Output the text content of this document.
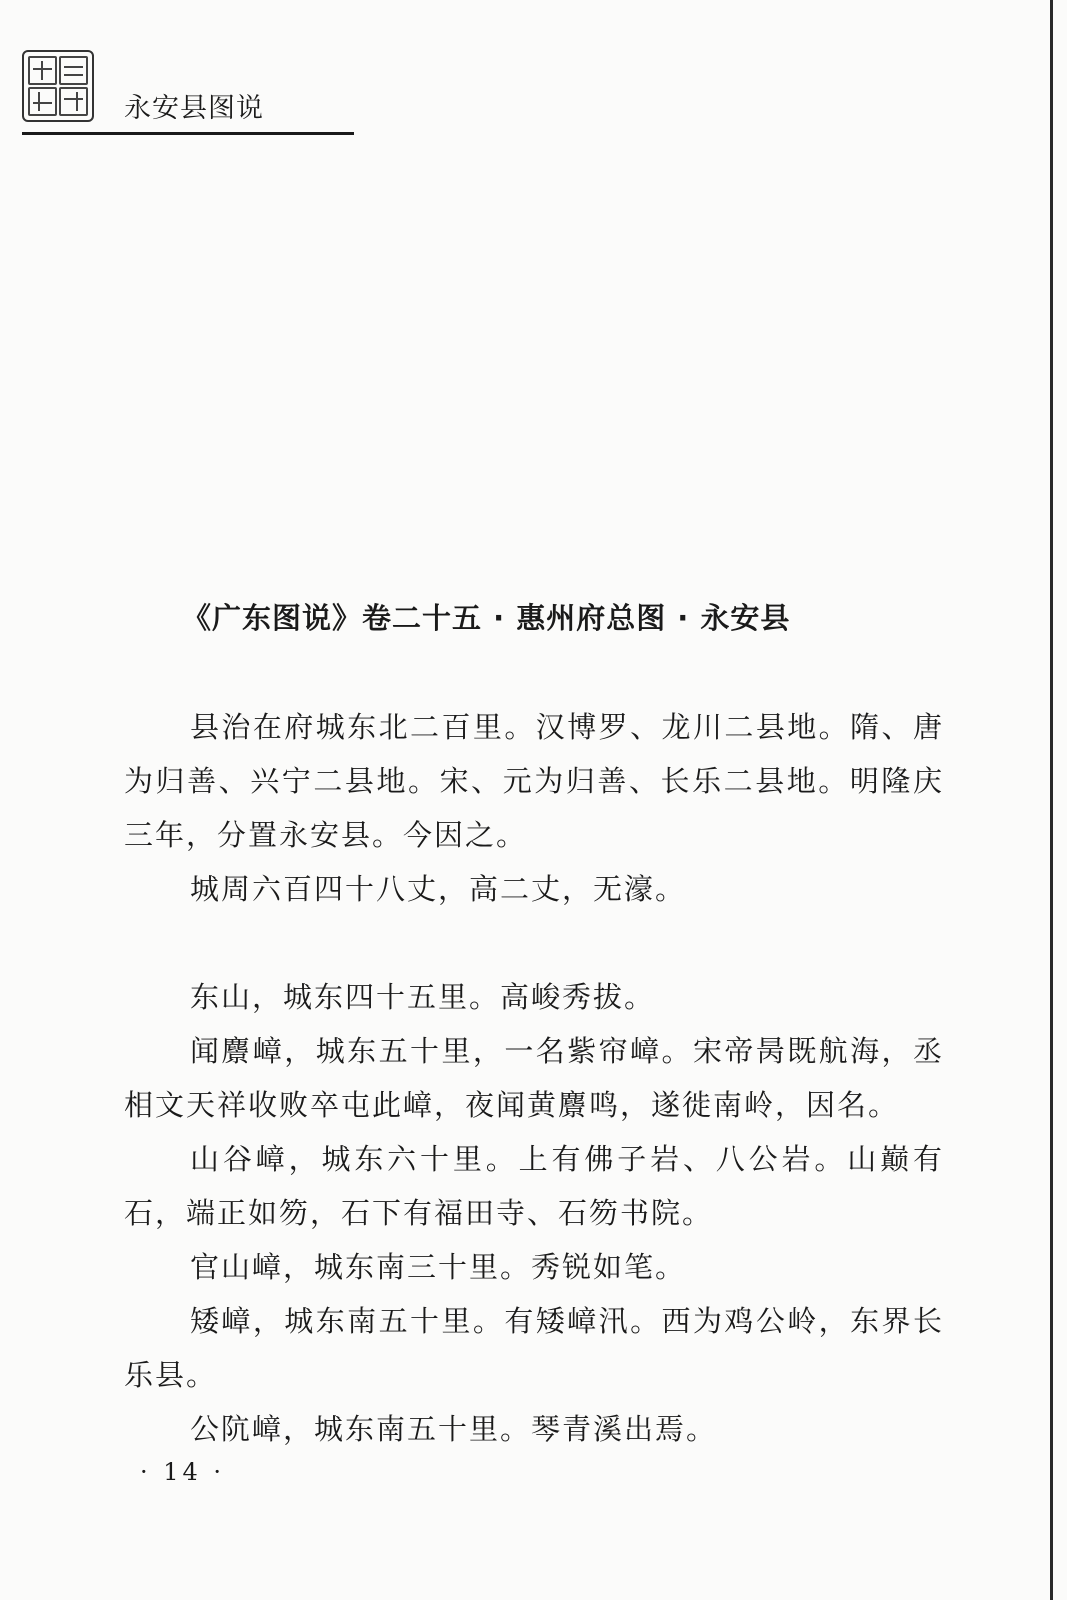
永安县图说
《广东图说》卷二十五 · 惠州府总图 · 永安县

县治在府城东北二百里。汉博罗、龙川二县地。隋、唐为归善、兴宁二县地。宋、元为归善、长乐二县地。明隆庆三年，分置永安县。今因之。

城周六百四十八丈，高二丈，无濠。

东山，城东四十五里。高峻秀拔。

闻麖嶂，城东五十里，一名紫帘嶂。宋帝昺既航海，丞相文天祥收败卒屯此嶂，夜闻黄麖鸣，遂徙南岭，因名。

山谷嶂，城东六十里。上有佛子岩、八公岩。山巅有石，端正如笏，石下有福田寺、石笏书院。

官山嶂，城东南三十里。秀锐如笔。

矮嶂，城东南五十里。有矮嶂汛。西为鸡公岭，东界长乐县。

公阬嶂，城东南五十里。琴青溪出焉。

· 14 ·
